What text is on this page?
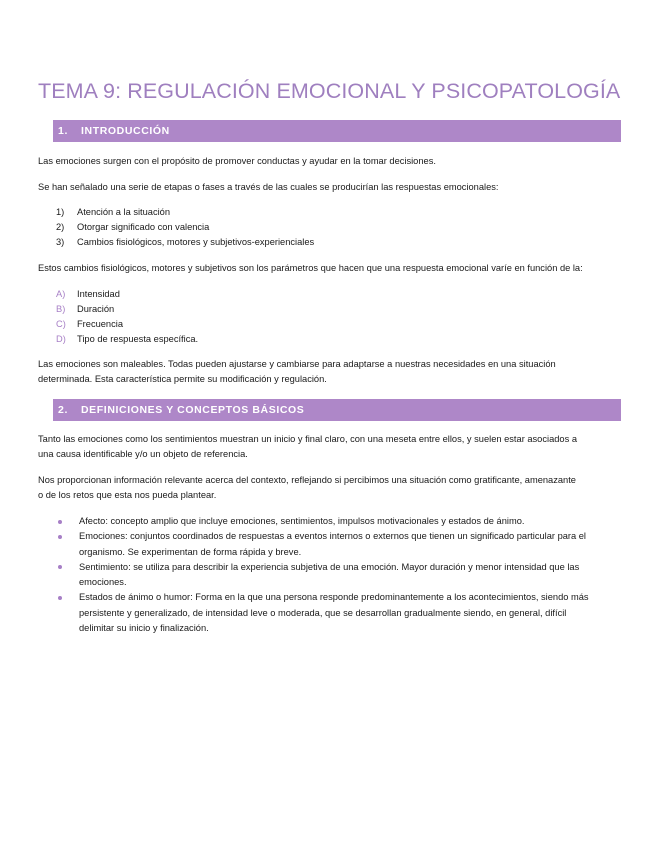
TEMA 9: REGULACIÓN EMOCIONAL Y PSICOPATOLOGÍA
1.	INTRODUCCIÓN
Las emociones surgen con el propósito de promover conductas y ayudar en la tomar decisiones.
Se han señalado una serie de etapas o fases a través de las cuales se producirían las respuestas emocionales:
1)	Atención a la situación
2)	Otorgar significado con valencia
3)	Cambios fisiológicos, motores y subjetivos-experienciales
Estos cambios fisiológicos, motores y subjetivos son los parámetros que hacen que una respuesta emocional varíe en función de la:
A)	Intensidad
B)	Duración
C)	Frecuencia
D)	Tipo de respuesta específica.
Las emociones son maleables. Todas pueden ajustarse y cambiarse para adaptarse a nuestras necesidades en una situación
determinada. Esta característica permite su modificación y regulación.
2.	DEFINICIONES Y CONCEPTOS BÁSICOS
Tanto las emociones como los sentimientos muestran un inicio y final claro, con una meseta entre ellos, y suelen estar asociados a
una causa identificable y/o un objeto de referencia.
Nos proporcionan información relevante acerca del contexto, reflejando si percibimos una situación como gratificante, amenazante
o de los retos que esta nos pueda plantear.
Afecto: concepto amplio que incluye emociones, sentimientos, impulsos motivacionales y estados de ánimo.
Emociones: conjuntos coordinados de respuestas a eventos internos o externos que tienen un significado particular para el
organismo. Se experimentan de forma rápida y breve.
Sentimiento: se utiliza para describir la experiencia subjetiva de una emoción. Mayor duración y menor intensidad que las
emociones.
Estados de ánimo o humor: Forma en la que una persona responde predominantemente a los acontecimientos, siendo más
persistente y generalizado, de intensidad leve o moderada, que se desarrollan gradualmente siendo, en general, difícil
delimitar su inicio y finalización.
